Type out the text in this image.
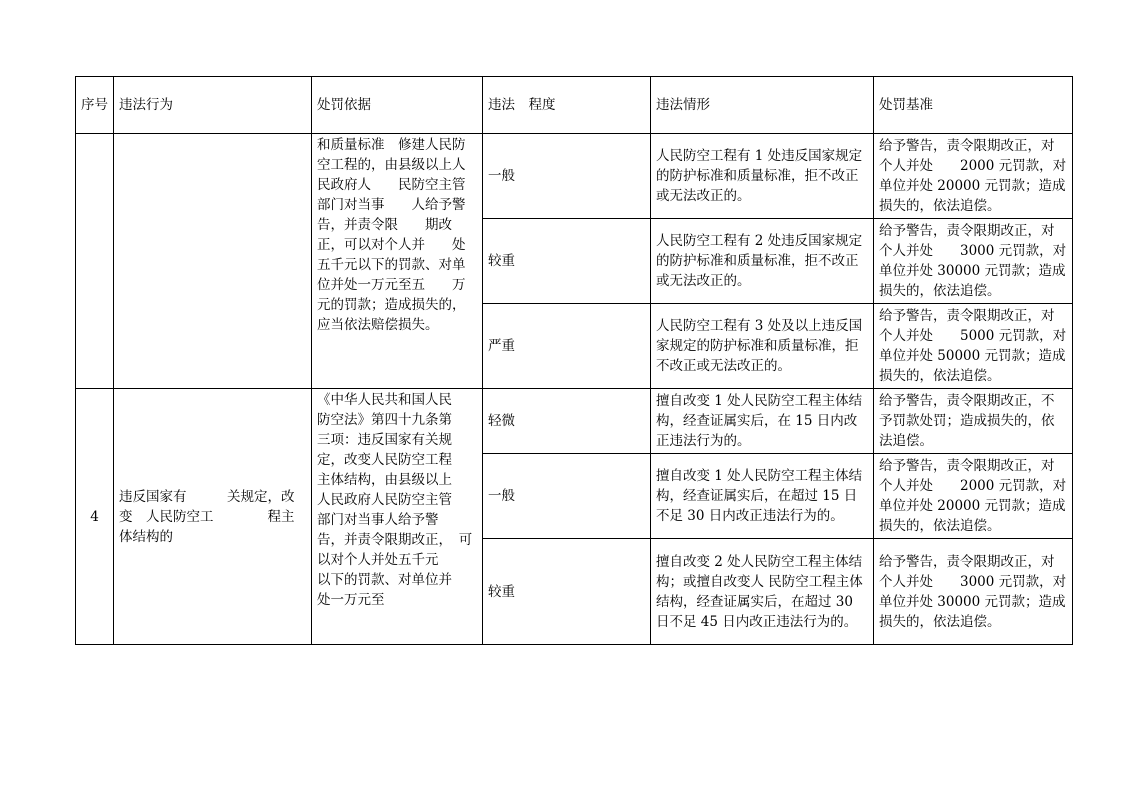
序号	违法行为	处罚依据	违法　程度	违法情形	处罚基准
		和质量标准　修建人民防空工程的，由县级以上人民政府人　　民防空主管部门对当事　　人给予警告，并责令限　　期改正，可以对个人并　　处五千元以下的罚款、对单位并处一万元至五　　万元的罚款；造成损失的，应当依法赔偿损失。	一般	人民防空工程有 1 处违反国家规定的防护标准和质量标准，拒不改正或无法改正的。	给予警告，责令限期改正，对个人并处　　2000 元罚款，对单位并处 20000 元罚款；造成损失的，依法追偿。
			较重	人民防空工程有 2 处违反国家规定的防护标准和质量标准，拒不改正或无法改正的。	给予警告，责令限期改正，对个人并处　　3000 元罚款，对单位并处 30000 元罚款；造成损失的，依法追偿。
			严重	人民防空工程有 3 处及以上违反国家规定的防护标准和质量标准，拒不改正或无法改正的。	给予警告，责令限期改正，对个人并处　　5000 元罚款，对单位并处 50000 元罚款；造成损失的，依法追偿。
4	违反国家有　　　关规定，改变　人民防空工　　　　程主体结构的	《中华人民共和国人民　　防空法》第四十九条第　　三项：违反国家有关规　　定，改变人民防空工程　　主体结构，由县级以上　　人民政府人民防空主管　　部门对当事人给予警　　告，并责令限期改正，　可以对个人并处五千元　　以下的罚款、对单位并　　处一万元至	轻微	擅自改变 1 处人民防空工程主体结构，经查证属实后，在 15 日内改正违法行为的。	给予警告，责令限期改正，不予罚款处罚；造成损失的，依法追偿。
			一般	擅自改变 1 处人民防空工程主体结构，经查证属实后，在超过 15 日不足 30 日内改正违法行为的。	给予警告，责令限期改正，对个人并处　　2000 元罚款，对单位并处 20000 元罚款；造成损失的，依法追偿。
			较重	擅自改变 2 处人民防空工程主体结构；或擅自改变人 民防空工程主体结构，经查证属实后，在超过 30 日不足 45 日内改正违法行为的。	给予警告，责令限期改正，对个人并处　　3000 元罚款，对单位并处 30000 元罚款；造成损失的，依法追偿。
